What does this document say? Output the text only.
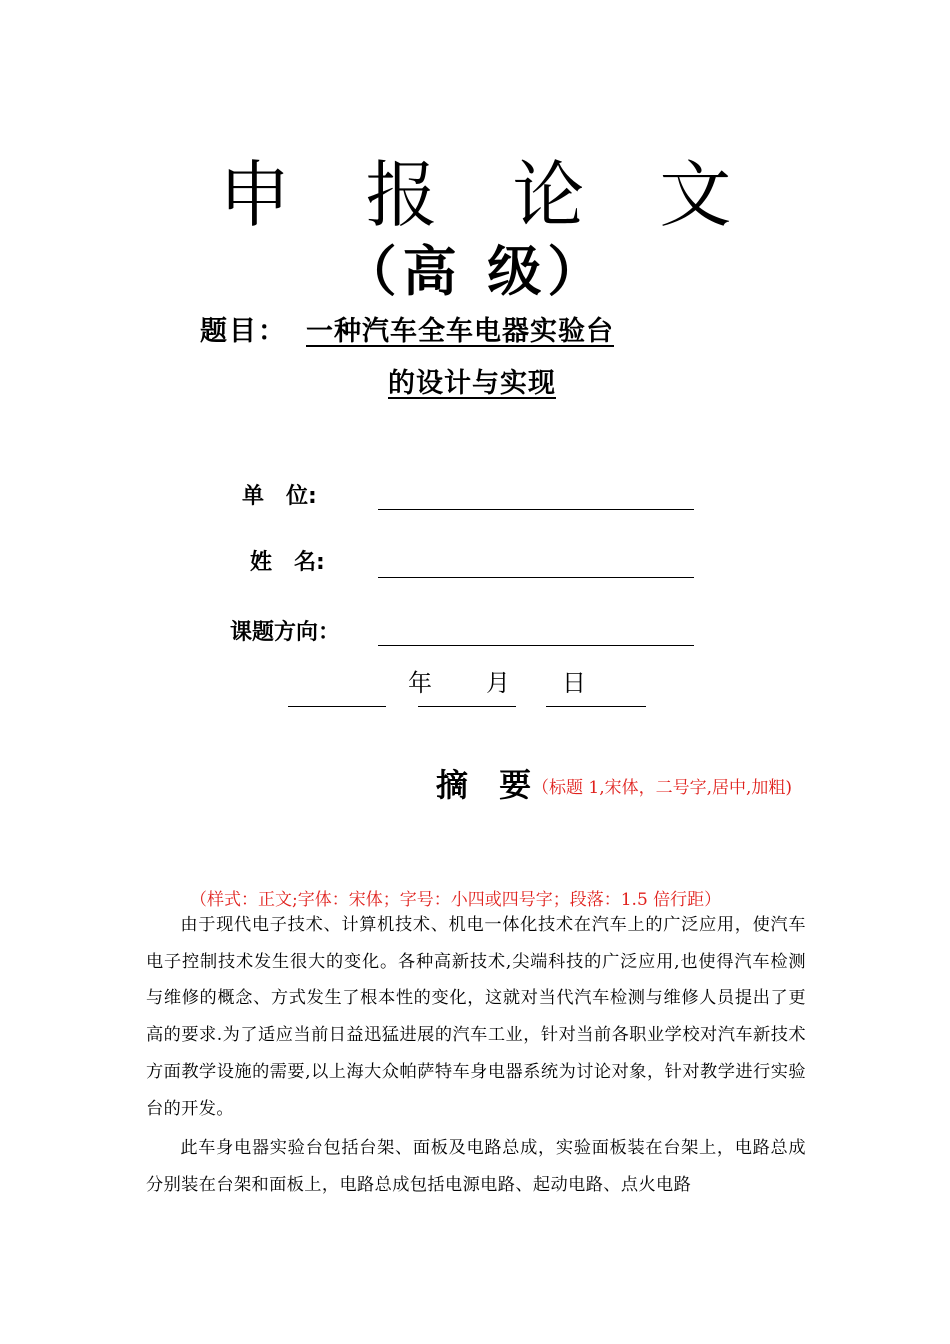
申 报 论 文
（高 级）
题目： 一种汽车全车电器实验台
的设计与实现
单　位:
姓　名:
课题方向：
年 月 日
摘 要
（标题 1,宋体，二号字,居中,加粗)
（样式：正文;字体：宋体；字号：小四或四号字；段落：1.5 倍行距）

由于现代电子技术、计算机技术、机电一体化技术在汽车上的广泛应用，使汽车电子控制技术发生很大的变化。各种高新技术,尖端科技的广泛应用,也使得汽车检测与维修的概念、方式发生了根本性的变化，这就对当代汽车检测与维修人员提出了更高的要求.为了适应当前日益迅猛进展的汽车工业，针对当前各职业学校对汽车新技术方面教学设施的需要,以上海大众帕萨特车身电器系统为讨论对象，针对教学进行实验台的开发。

此车身电器实验台包括台架、面板及电路总成，实验面板装在台架上，电路总成分别装在台架和面板上，电路总成包括电源电路、起动电路、点火电路
